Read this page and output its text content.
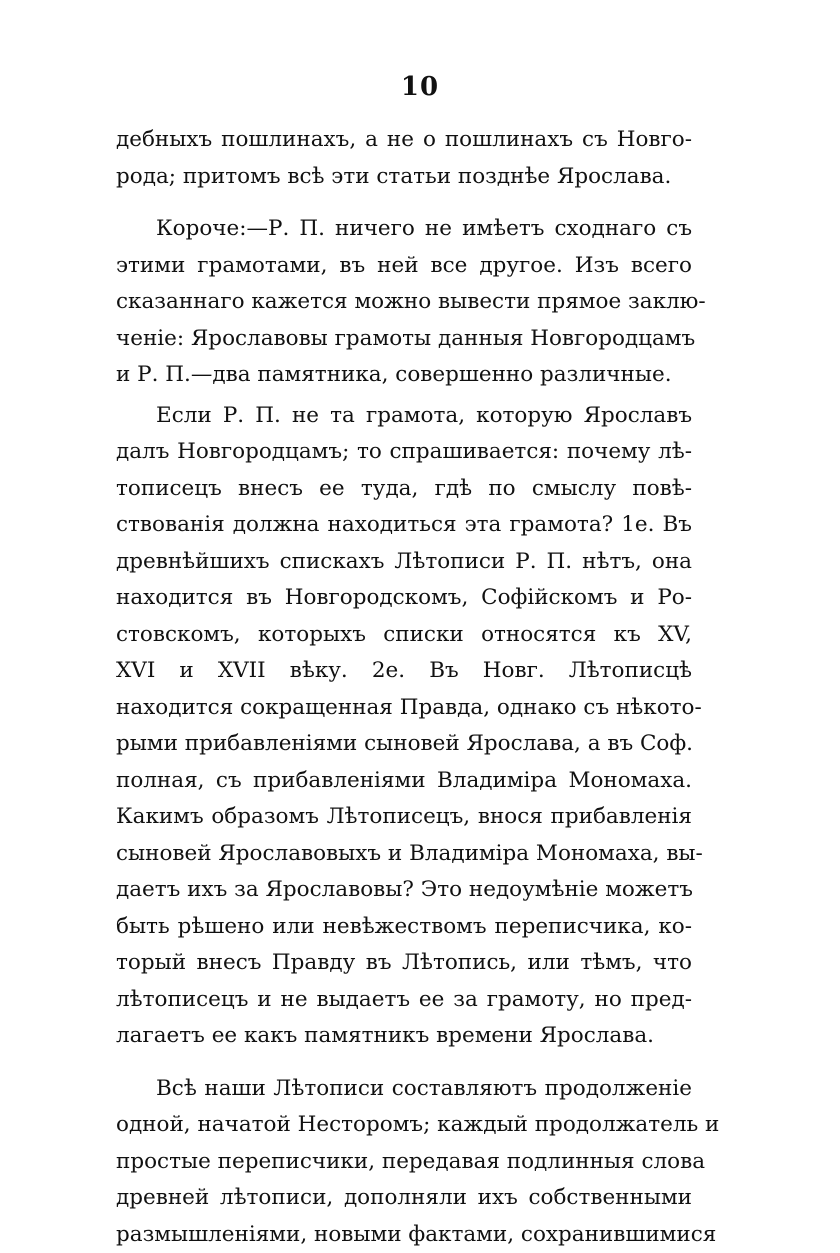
10
дебныхъ пошлинахъ, а не о пошлинахъ съ Новго-
рода; притомъ всѣ эти статьи позднѣе Ярослава.
Короче:—Р. П. ничего не имѣетъ сходнаго съ
этими грамотами, въ ней все другое. Изъ всего
сказаннаго кажется можно вывести прямое заклю-
ченіе: Ярославовы грамоты данныя Новгородцамъ
и Р. П.—два памятника, совершенно различные.
Если Р. П. не та грамота, которую Ярославъ
далъ Новгородцамъ; то спрашивается: почему лѣ-
тописецъ внесъ ее туда, гдѣ по смыслу повѣ-
ствованія должна находиться эта грамота? 1е. Въ
древнѣйшихъ спискахъ Лѣтописи Р. П. нѣтъ, она
находится въ Новгородскомъ, Софійскомъ и Ро-
стовскомъ, которыхъ списки относятся къ XV,
XVI и XVII вѣку. 2е. Въ Новг. Лѣтописцѣ
находится сокращенная Правда, однако съ нѣкото-
рыми прибавленіями сыновей Ярослава, а въ Соф.
полная, съ прибавленіями Владиміра Мономаха.
Какимъ образомъ Лѣтописецъ, внося прибавленія
сыновей Ярославовыхъ и Владиміра Мономаха, вы-
даетъ ихъ за Ярославовы? Это недоумѣніе можетъ
быть рѣшено или невѣжествомъ переписчика, ко-
торый внесъ Правду въ Лѣтопись, или тѣмъ, что
лѣтописецъ и не выдаетъ ее за грамоту, но пред-
лагаетъ ее какъ памятникъ времени Ярослава.
Всѣ наши Лѣтописи составляютъ продолженіе
одной, начатой Несторомъ; каждый продолжатель и
простые переписчики, передавая подлинныя слова
древней лѣтописи, дополняли ихъ собственными
размышленіями, новыми фактами, сохранившимися
